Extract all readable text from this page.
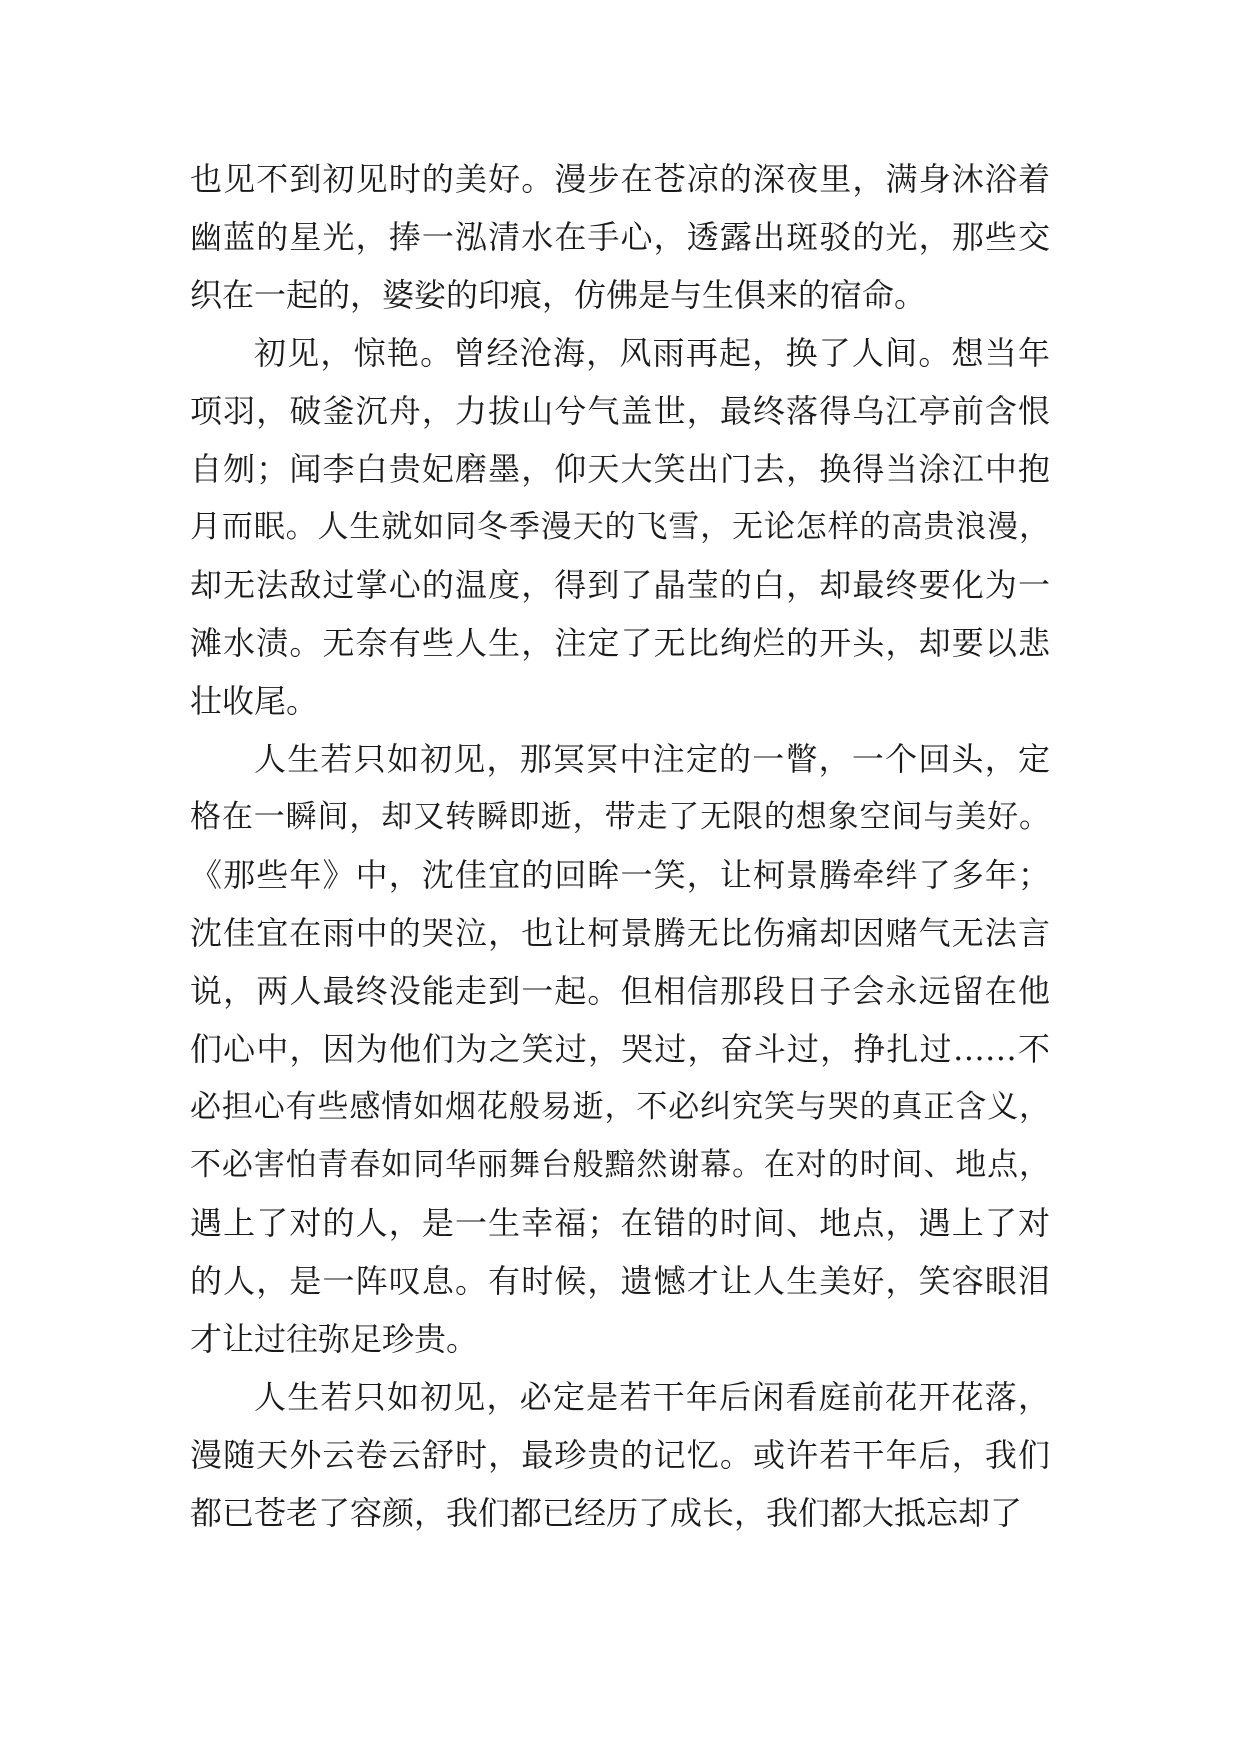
也见不到初见时的美好。漫步在苍凉的深夜里，满身沐浴着
幽蓝的星光，捧一泓清水在手心，透露出斑驳的光，那些交
织在一起的，婆娑的印痕，仿佛是与生俱来的宿命。
初见，惊艳。曾经沧海，风雨再起，换了人间。想当年
项羽，破釜沉舟，力拔山兮气盖世，最终落得乌江亭前含恨
自刎；闻李白贵妃磨墨，仰天大笑出门去，换得当涂江中抱
月而眠。人生就如同冬季漫天的飞雪，无论怎样的高贵浪漫，
却无法敌过掌心的温度，得到了晶莹的白，却最终要化为一
滩水渍。无奈有些人生，注定了无比绚烂的开头，却要以悲
壮收尾。
人生若只如初见，那冥冥中注定的一瞥，一个回头，定
格在一瞬间，却又转瞬即逝，带走了无限的想象空间与美好。
《那些年》中，沈佳宜的回眸一笑，让柯景腾牵绊了多年；
沈佳宜在雨中的哭泣，也让柯景腾无比伤痛却因赌气无法言
说，两人最终没能走到一起。但相信那段日子会永远留在他
们心中，因为他们为之笑过，哭过，奋斗过，挣扎过……不
必担心有些感情如烟花般易逝，不必纠究笑与哭的真正含义，
不必害怕青春如同华丽舞台般黯然谢幕。在对的时间、地点，
遇上了对的人，是一生幸福；在错的时间、地点，遇上了对
的人，是一阵叹息。有时候，遗憾才让人生美好，笑容眼泪
才让过往弥足珍贵。
人生若只如初见，必定是若干年后闲看庭前花开花落，
漫随天外云卷云舒时，最珍贵的记忆。或许若干年后，我们
都已苍老了容颜，我们都已经历了成长，我们都大抵忘却了
